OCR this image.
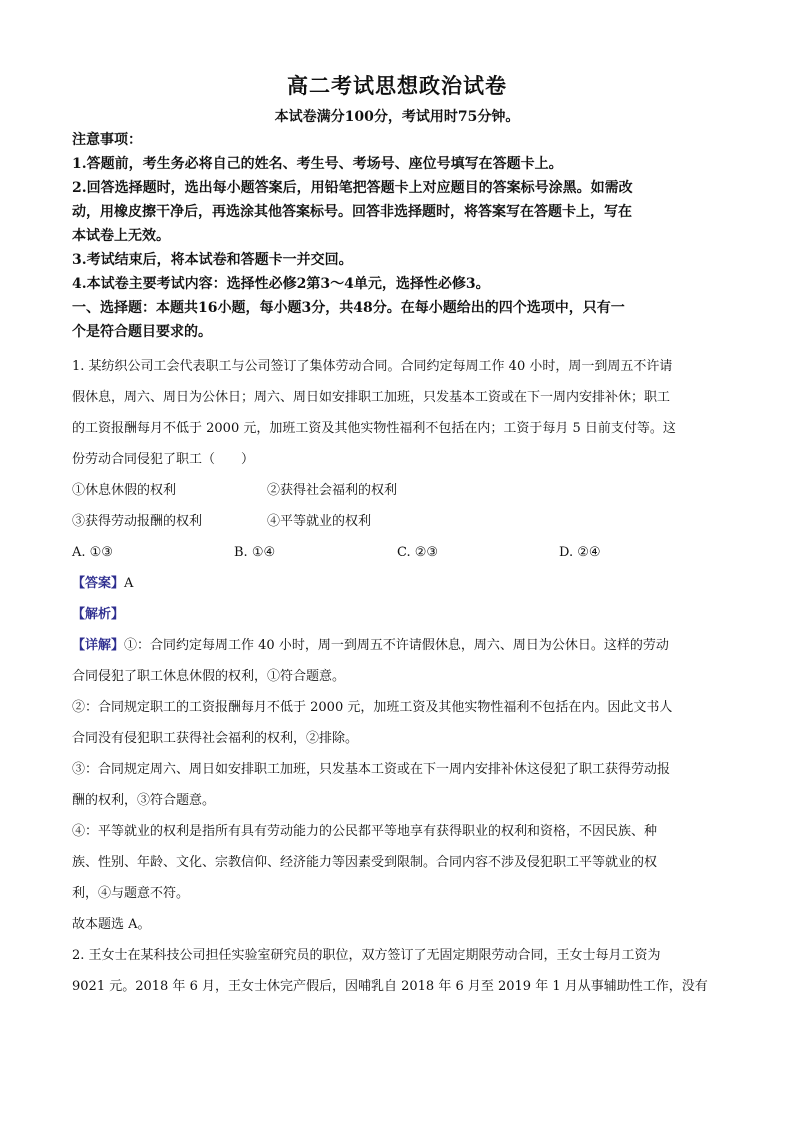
高二考试思想政治试卷
本试卷满分100分，考试用时75分钟。
注意事项：
1.答题前，考生务必将自己的姓名、考生号、考场号、座位号填写在答题卡上。
2.回答选择题时，选出每小题答案后，用铅笔把答题卡上对应题目的答案标号涂黑。如需改
动，用橡皮擦干净后，再选涂其他答案标号。回答非选择题时，将答案写在答题卡上，写在
本试卷上无效。
3.考试结束后，将本试卷和答题卡一并交回。
4.本试卷主要考试内容：选择性必修2第3～4单元，选择性必修3。
一、选择题：本题共16小题，每小题3分，共48分。在每小题给出的四个选项中，只有一
个是符合题目要求的。
1. 某纺织公司工会代表职工与公司签订了集体劳动合同。合同约定每周工作 40 小时，周一到周五不许请
假休息，周六、周日为公休日；周六、周日如安排职工加班，只发基本工资或在下一周内安排补休；职工
的工资报酬每月不低于 2000 元，加班工资及其他实物性福利不包括在内；工资于每月 5 日前支付等。这
份劳动合同侵犯了职工（　　）
①休息休假的权利	②获得社会福利的权利
③获得劳动报酬的权利	④平等就业的权利
A. ①③	B. ①④	C. ②③	D. ②④
【答案】A
【解析】
【详解】①：合同约定每周工作 40 小时，周一到周五不许请假休息，周六、周日为公休日。这样的劳动
合同侵犯了职工休息休假的权利，①符合题意。
②：合同规定职工的工资报酬每月不低于 2000 元，加班工资及其他实物性福利不包括在内。因此文书人
合同没有侵犯职工获得社会福利的权利，②排除。
③：合同规定周六、周日如安排职工加班，只发基本工资或在下一周内安排补休这侵犯了职工获得劳动报
酬的权利，③符合题意。
④：平等就业的权利是指所有具有劳动能力的公民都平等地享有获得职业的权利和资格，不因民族、种
族、性别、年龄、文化、宗教信仰、经济能力等因素受到限制。合同内容不涉及侵犯职工平等就业的权
利，④与题意不符。
故本题选 A。
2. 王女士在某科技公司担任实验室研究员的职位，双方签订了无固定期限劳动合同，王女士每月工资为
9021 元。2018 年 6 月，王女士休完产假后，因哺乳自 2018 年 6 月至 2019 年 1 月从事辅助性工作，没有
